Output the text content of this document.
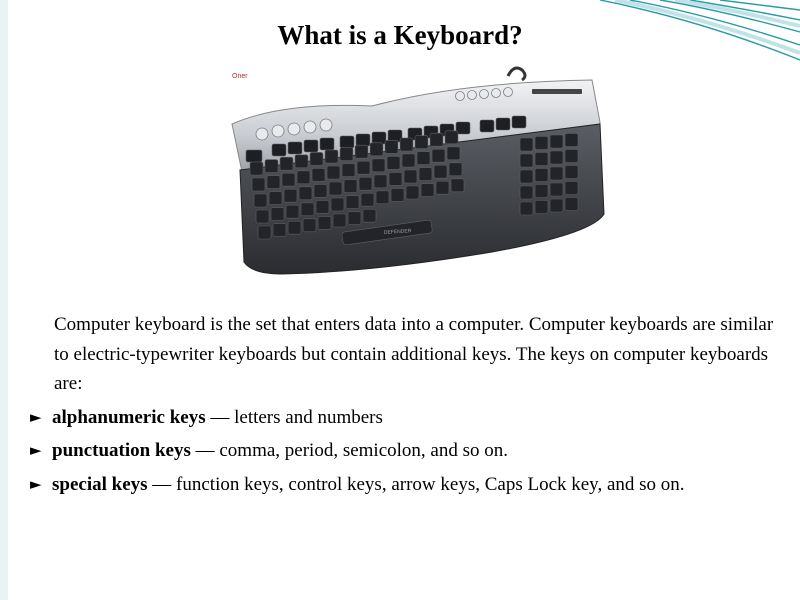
What is a Keyboard?
Oner
DEFENDER

Computer keyboard is the set that enters data into a computer. Computer keyboards are similar to electric-typewriter keyboards but contain additional keys. The keys on computer keyboards are:

► alphanumeric keys — letters and numbers
► punctuation keys — comma, period, semicolon, and so on.
► special keys — function keys, control keys, arrow keys, Caps Lock key, and so on.
